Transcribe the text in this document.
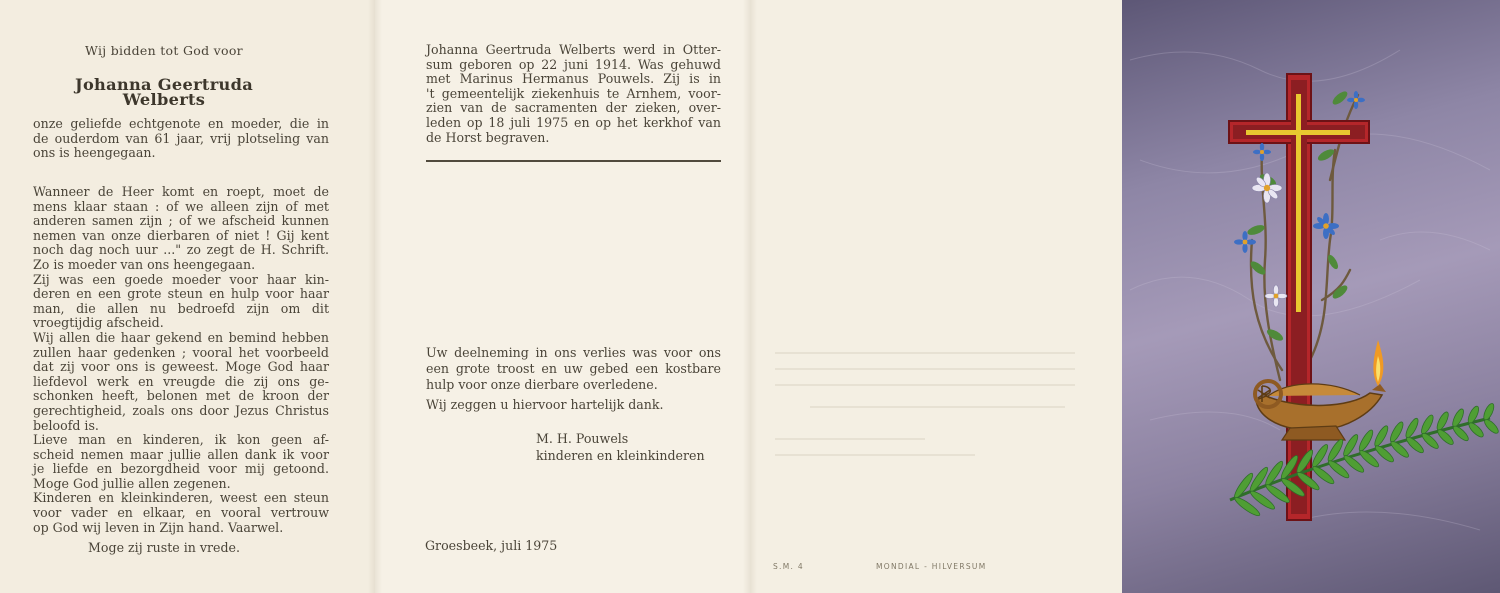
Wij bidden tot God voor

Johanna Geertruda Welberts

onze geliefde echtgenote en moeder, die in
de ouderdom van 61 jaar, vrij plotseling van
ons is heengegaan.
Wanneer de Heer komt en roept, moet de
mens klaar staan : of we alleen zijn of met
anderen samen zijn ; of we afscheid kunnen
nemen van onze dierbaren of niet ! Gij kent
noch dag noch uur ..." zo zegt de H. Schrift.
Zo is moeder van ons heengegaan.
Zij was een goede moeder voor haar kin-
deren en een grote steun en hulp voor haar
man, die allen nu bedroefd zijn om dit
vroegtijdig afscheid.
Wij allen die haar gekend en bemind hebben
zullen haar gedenken ; vooral het voorbeeld
dat zij voor ons is geweest. Moge God haar
liefdevol werk en vreugde die zij ons ge-
schonken heeft, belonen met de kroon der
gerechtigheid, zoals ons door Jezus Christus
beloofd is.
Lieve man en kinderen, ik kon geen af-
scheid nemen maar jullie allen dank ik voor
je liefde en bezorgdheid voor mij getoond.
Moge God jullie allen zegenen.
Kinderen en kleinkinderen, weest een steun
voor vader en elkaar, en vooral vertrouw
op God wij leven in Zijn hand. Vaarwel.

Moge zij ruste in vrede.

Johanna Geertruda Welberts werd in Otter-
sum geboren op 22 juni 1914. Was gehuwd
met Marinus Hermanus Pouwels. Zij is in
't gemeentelijk ziekenhuis te Arnhem, voor-
zien van de sacramenten der zieken, over-
leden op 18 juli 1975 en op het kerkhof van
de Horst begraven.
Uw deelneming in ons verlies was voor ons
een grote troost en uw gebed een kostbare
hulp voor onze dierbare overledene.

Wij zeggen u hiervoor hartelijk dank.

M. H. Pouwels
kinderen en kleinkinderen

Groesbeek, juli 1975

S.M. 4	MONDIAL - HILVERSUM
